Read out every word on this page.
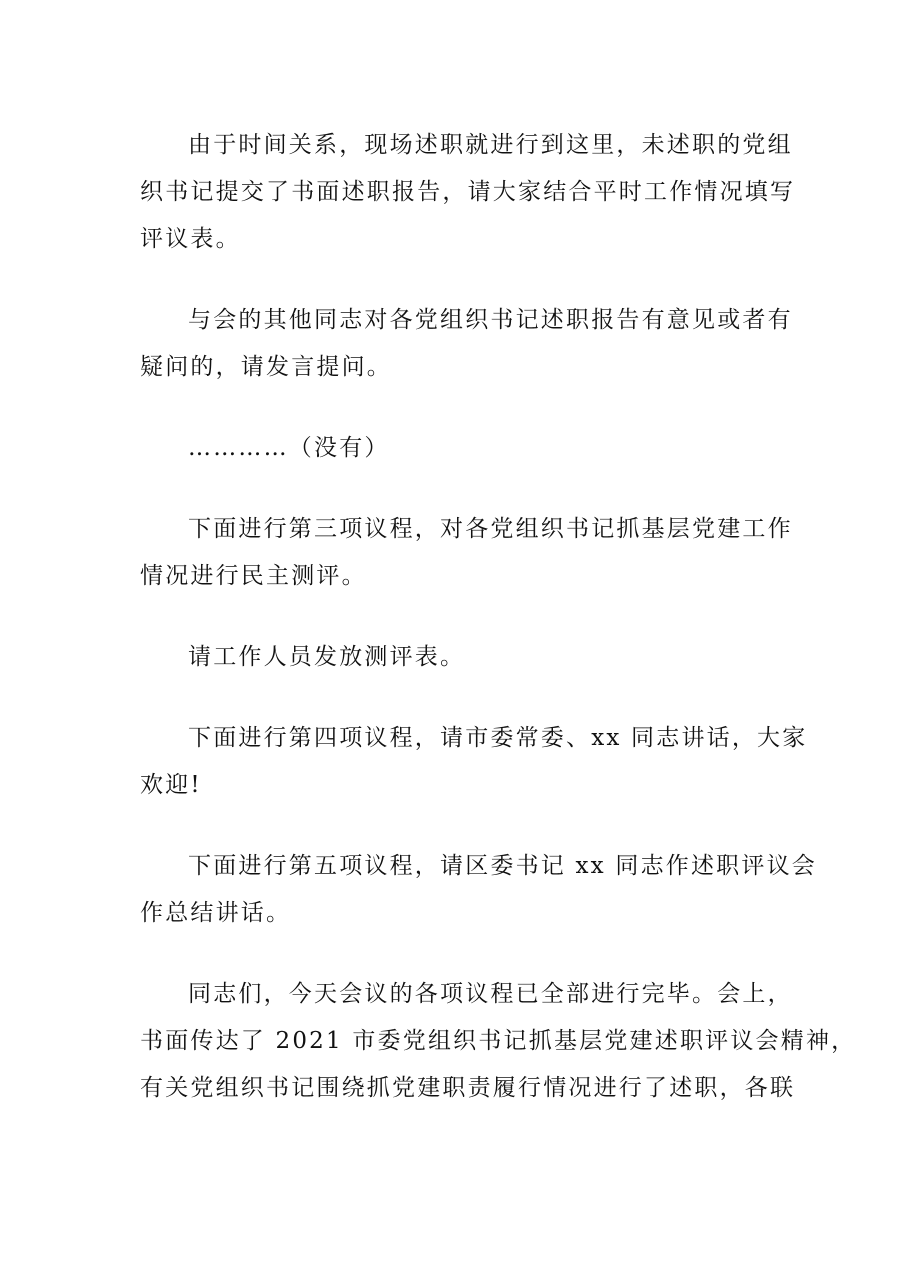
由于时间关系，现场述职就进行到这里，未述职的党组
织书记提交了书面述职报告，请大家结合平时工作情况填写
评议表。

与会的其他同志对各党组织书记述职报告有意见或者有
疑问的，请发言提问。

…………（没有）

下面进行第三项议程，对各党组织书记抓基层党建工作
情况进行民主测评。

请工作人员发放测评表。

下面进行第四项议程，请市委常委、xx 同志讲话，大家
欢迎!

下面进行第五项议程，请区委书记 xx 同志作述职评议会
作总结讲话。

同志们，今天会议的各项议程已全部进行完毕。会上，
书面传达了 2021 市委党组织书记抓基层党建述职评议会精神，
有关党组织书记围绕抓党建职责履行情况进行了述职，各联
